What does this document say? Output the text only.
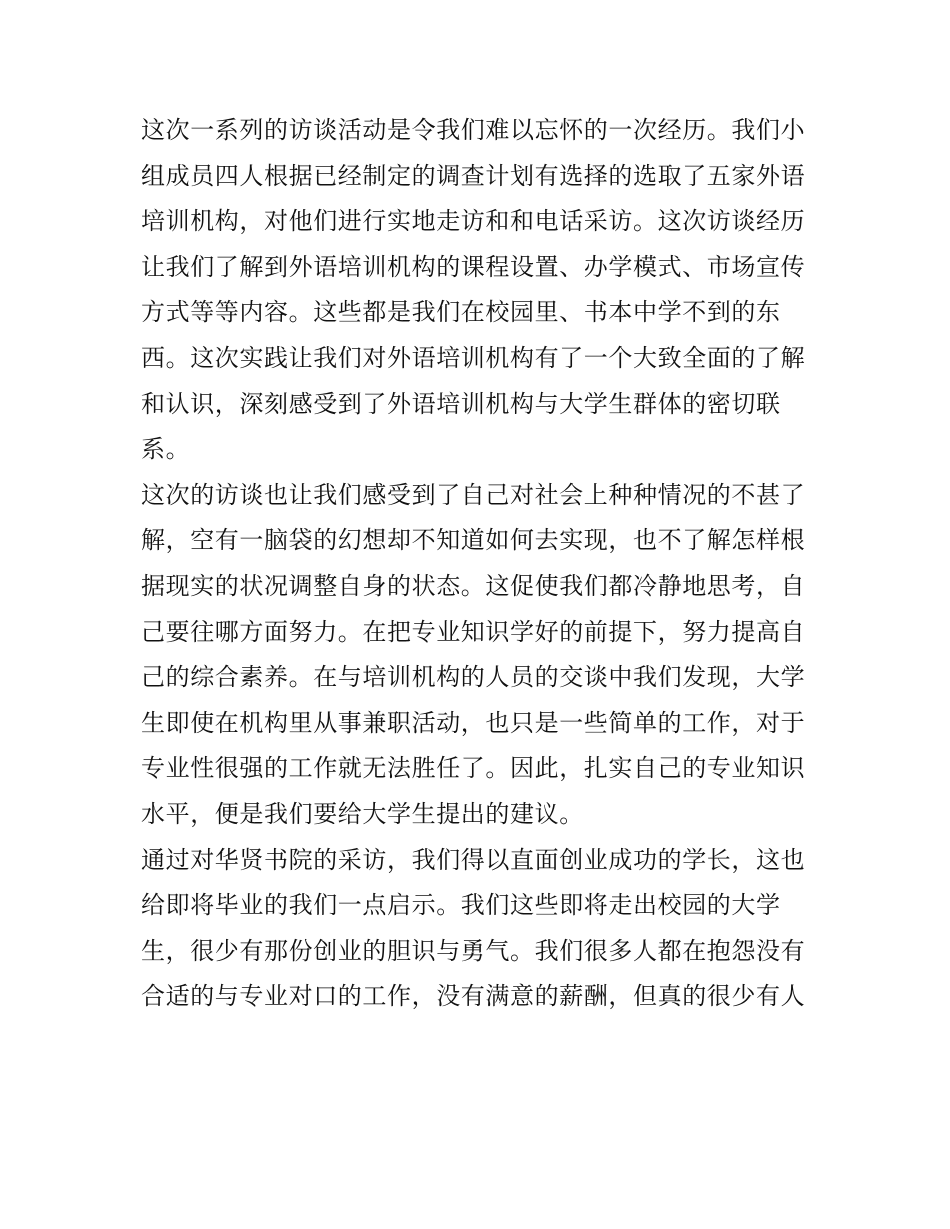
这次一系列的访谈活动是令我们难以忘怀的一次经历。我们小
组成员四人根据已经制定的调查计划有选择的选取了五家外语
培训机构，对他们进行实地走访和和电话采访。这次访谈经历
让我们了解到外语培训机构的课程设置、办学模式、市场宣传
方式等等内容。这些都是我们在校园里、书本中学不到的东
西。这次实践让我们对外语培训机构有了一个大致全面的了解
和认识，深刻感受到了外语培训机构与大学生群体的密切联
系。
这次的访谈也让我们感受到了自己对社会上种种情况的不甚了
解，空有一脑袋的幻想却不知道如何去实现，也不了解怎样根
据现实的状况调整自身的状态。这促使我们都冷静地思考，自
己要往哪方面努力。在把专业知识学好的前提下，努力提高自
己的综合素养。在与培训机构的人员的交谈中我们发现，大学
生即使在机构里从事兼职活动，也只是一些简单的工作，对于
专业性很强的工作就无法胜任了。因此，扎实自己的专业知识
水平，便是我们要给大学生提出的建议。
通过对华贤书院的采访，我们得以直面创业成功的学长，这也
给即将毕业的我们一点启示。我们这些即将走出校园的大学
生，很少有那份创业的胆识与勇气。我们很多人都在抱怨没有
合适的与专业对口的工作，没有满意的薪酬，但真的很少有人
